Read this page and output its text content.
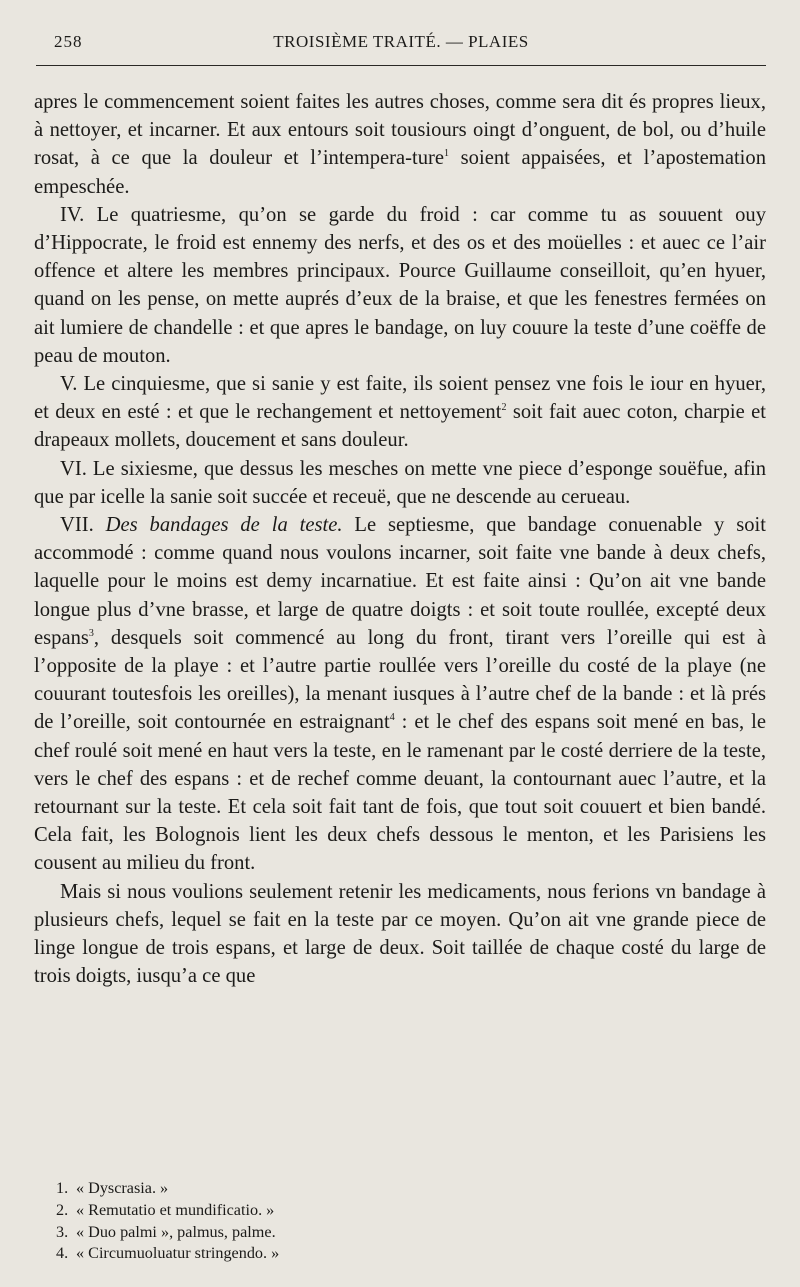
258	TROISIÈME TRAITÉ. — PLAIES

apres le commencement soient faites les autres choses, comme sera dit és propres lieux, à nettoyer, et incarner. Et aux entours soit tousiours oingt d’onguent, de bol, ou d’huile rosat, à ce que la douleur et l’intempera-ture$^1$ soient appaisées, et l’apostemation empeschée.

IV. Le quatriesme, qu’on se garde du froid : car comme tu as souuent ouy d’Hippocrate, le froid est ennemy des nerfs, et des os et des moüelles : et auec ce l’air offence et altere les membres principaux. Pource Guillaume conseilloit, qu’en hyuer, quand on les pense, on mette auprés d’eux de la braise, et que les fenestres fermées on ait lumiere de chandelle : et que apres le bandage, on luy couure la teste d’une coëffe de peau de mouton.

V. Le cinquiesme, que si sanie y est faite, ils soient pensez vne fois le iour en hyuer, et deux en esté : et que le rechangement et nettoyement$^2$ soit fait auec coton, charpie et drapeaux mollets, doucement et sans douleur.

VI. Le sixiesme, que dessus les mesches on mette vne piece d’esponge souëfue, afin que par icelle la sanie soit succée et receuë, que ne descende au cerueau.

VII. Des bandages de la teste. Le septiesme, que bandage conuenable y soit accommodé : comme quand nous voulons incarner, soit faite vne bande à deux chefs, laquelle pour le moins est demy incarnatiue. Et est faite ainsi : Qu’on ait vne bande longue plus d’vne brasse, et large de quatre doigts : et soit toute roullée, excepté deux espans$^3$, desquels soit commencé au long du front, tirant vers l’oreille qui est à l’opposite de la playe : et l’autre partie roullée vers l’oreille du costé de la playe (ne couurant toutesfois les oreilles), la menant iusques à l’autre chef de la bande : et là prés de l’oreille, soit contournée en estraignant$^4$ : et le chef des espans soit mené en bas, le chef roulé soit mené en haut vers la teste, en le ramenant par le costé derriere de la teste, vers le chef des espans : et de rechef comme deuant, la contournant auec l’autre, et la retournant sur la teste. Et cela soit fait tant de fois, que tout soit couuert et bien bandé. Cela fait, les Bolognois lient les deux chefs dessous le menton, et les Parisiens les cousent au milieu du front.

Mais si nous voulions seulement retenir les medicaments, nous ferions vn bandage à plusieurs chefs, lequel se fait en la teste par ce moyen. Qu’on ait vne grande piece de linge longue de trois espans, et large de deux. Soit taillée de chaque costé du large de trois doigts, iusqu’a ce que

1. « Dyscrasia. »
2. « Remutatio et mundificatio. »
3. « Duo palmi », palmus, palme.
4. « Circumuoluatur stringendo. »
